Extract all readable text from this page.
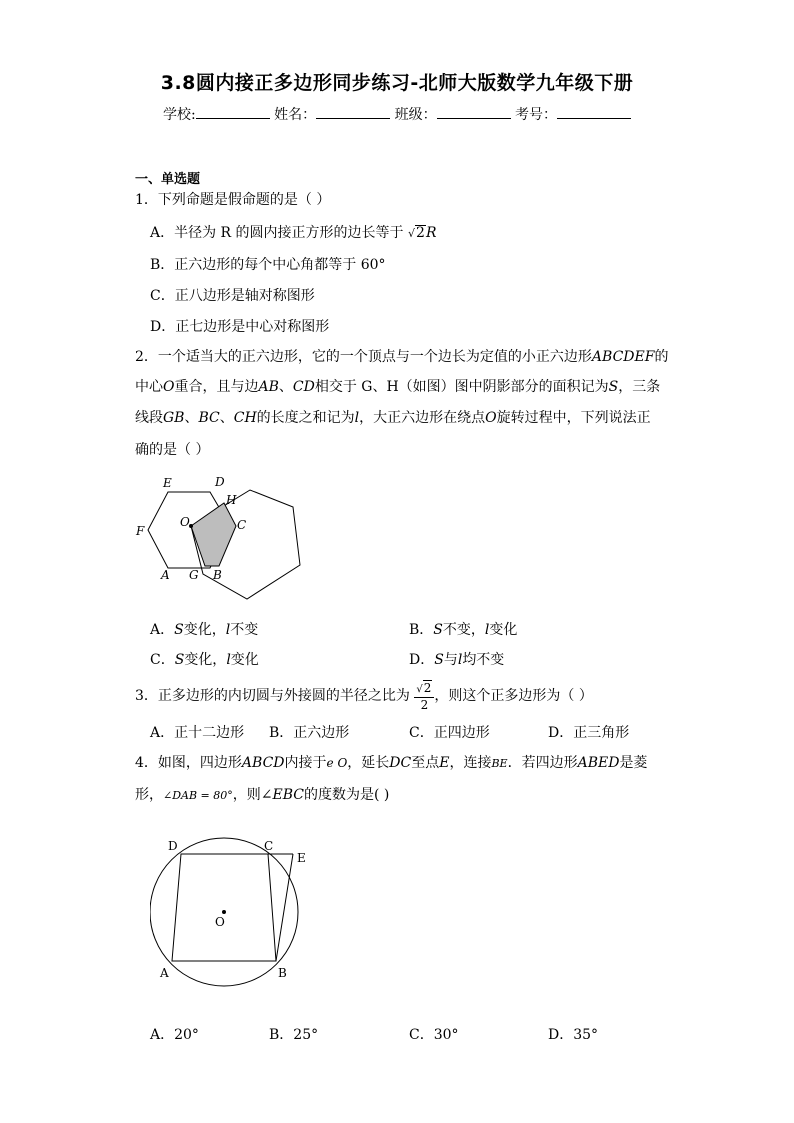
3.8圆内接正多边形同步练习-北师大版数学九年级下册
学校:	姓名：	班级：	考号：
一、单选题
1．下列命题是假命题的是（ ）
A．半径为 R 的圆内接正方形的边长等于 √2R
B．正六边形的每个中心角都等于 60°
C．正八边形是轴对称图形
D．正七边形是中心对称图形
2．一个适当大的正六边形，它的一个顶点与一个边长为定值的小正六边形ABCDEF的
中心O重合，且与边AB、CD相交于 G、H（如图）图中阴影部分的面积记为S，三条
线段GB、BC、CH的长度之和记为l，大正六边形在绕点O旋转过程中，下列说法正
确的是（ ）
E	D
H
O	C
F
A G B
A．S变化，l不变	B．S不变，l变化
C．S变化，l变化	D．S与l均不变
3．正多边形的内切圆与外接圆的半径之比为 $\frac{√2}{2}$ ，则这个正多边形为（ ）
A．正十二边形 B．正六边形	C．正四边形	D．正三角形
4．如图，四边形ABCD内接于e O，延长DC至点E，连接BE．若四边形ABED是菱
形，∠DAB = 80°，则∠EBC的度数为是( )
D	C
E
O
A	B
A．20°	B．25°	C．30°	D．35°
